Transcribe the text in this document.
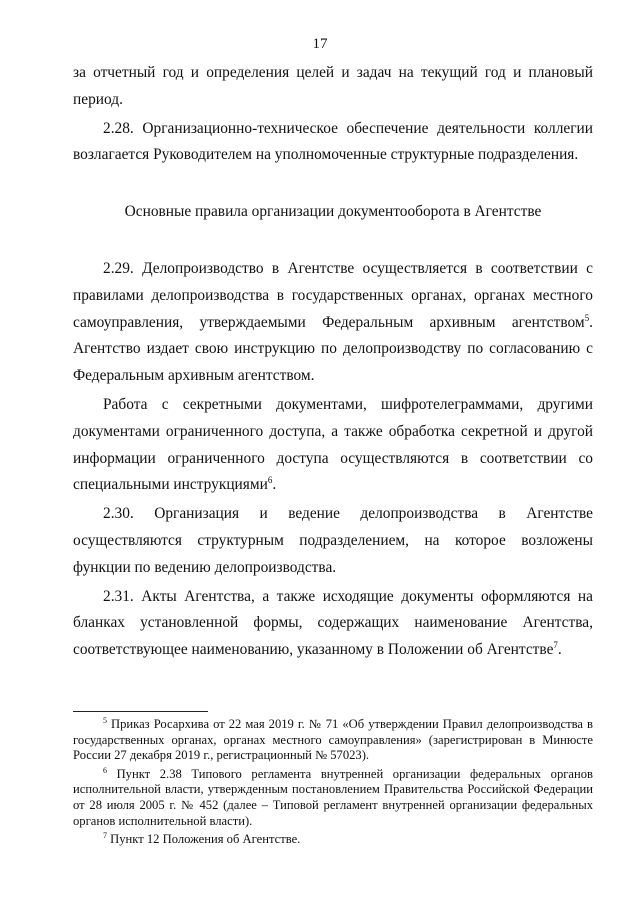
17

за отчетный год и определения целей и задач на текущий год и плановый период.

2.28. Организационно-техническое обеспечение деятельности коллегии возлагается Руководителем на уполномоченные структурные подразделения.

Основные правила организации документооборота в Агентстве

2.29. Делопроизводство в Агентстве осуществляется в соответствии с правилами делопроизводства в государственных органах, органах местного самоуправления, утверждаемыми Федеральным архивным агентством$^5$. Агентство издает свою инструкцию по делопроизводству по согласованию с Федеральным архивным агентством.

Работа с секретными документами, шифротелеграммами, другими документами ограниченного доступа, а также обработка секретной и другой информации ограниченного доступа осуществляются в соответствии со специальными инструкциями$^6$.

2.30. Организация и ведение делопроизводства в Агентстве осуществляются структурным подразделением, на которое возложены функции по ведению делопроизводства.

2.31. Акты Агентства, а также исходящие документы оформляются на бланках установленной формы, содержащих наименование Агентства, соответствующее наименованию, указанному в Положении об Агентстве$^7$.

$^5$ Приказ Росархива от 22 мая 2019 г. № 71 «Об утверждении Правил делопроизводства в государственных органах, органах местного самоуправления» (зарегистрирован в Минюсте России 27 декабря 2019 г., регистрационный № 57023).

$^6$ Пункт 2.38 Типового регламента внутренней организации федеральных органов исполнительной власти, утвержденным постановлением Правительства Российской Федерации от 28 июля 2005 г. № 452 (далее – Типовой регламент внутренней организации федеральных органов исполнительной власти).

$^7$ Пункт 12 Положения об Агентстве.
